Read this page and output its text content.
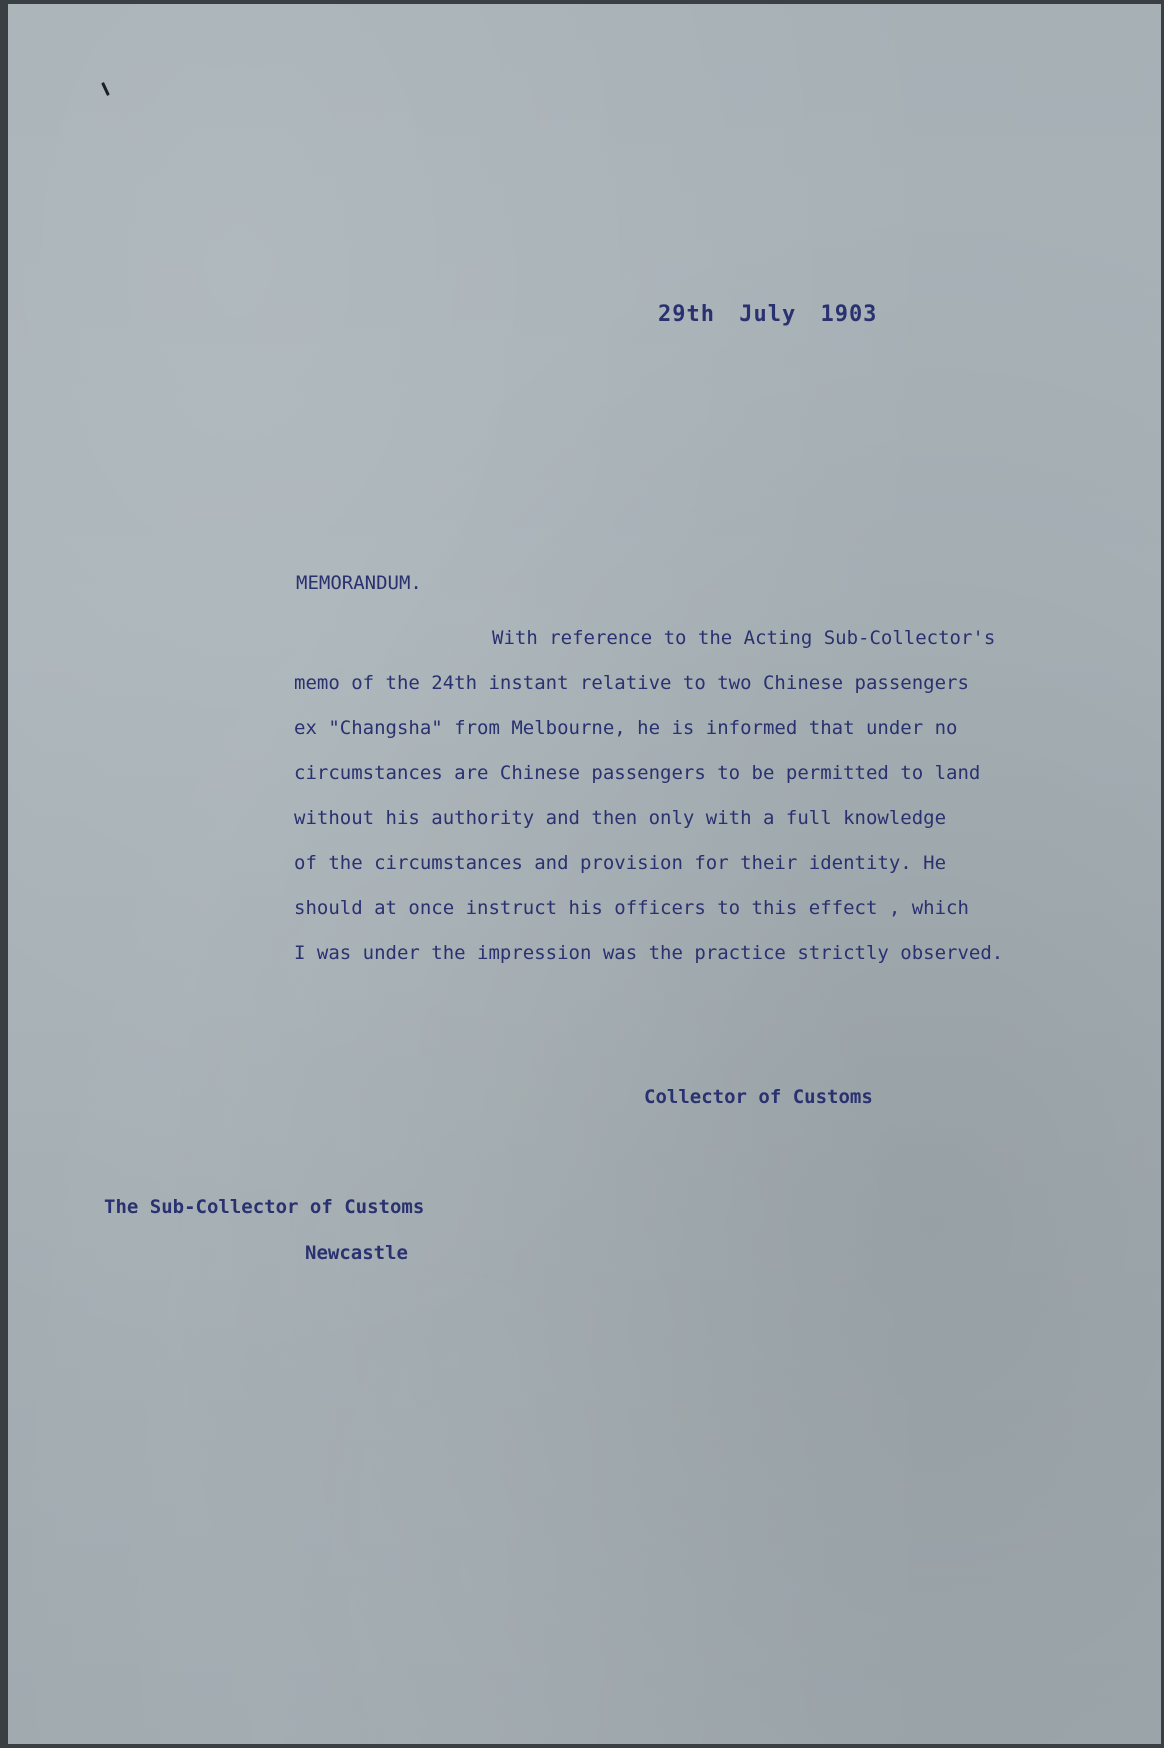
29th July 1903
MEMORANDUM.
With reference to the Acting Sub-Collector's
memo of the 24th instant relative to two Chinese passengers
ex "Changsha" from Melbourne, he is informed that under no
circumstances are Chinese passengers to be permitted to land
without his authority and then only with a full knowledge
of the circumstances and provision for their identity. He
should at once instruct his officers to this effect , which
I was under the impression was the practice strictly observed.
Collector of Customs
The Sub-Collector of Customs
Newcastle
